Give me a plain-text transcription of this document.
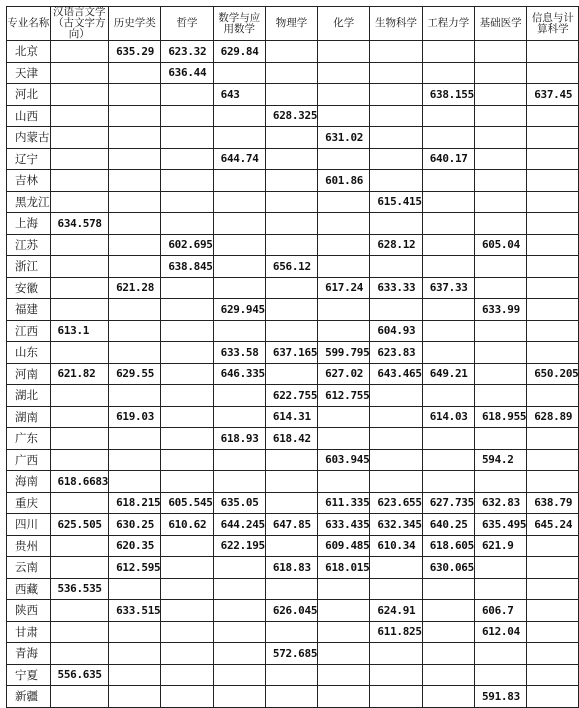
专业名称	汉语言文学（古文字方向）	历史学类	哲学	数学与应用数学	物理学	化学	生物科学	工程力学	基础医学	信息与计算科学
北京		635.29	623.32	629.84						
天津			636.44							
河北				643				638.155		637.45
山西					628.325					
内蒙古						631.02				
辽宁				644.74				640.17		
吉林						601.86				
黑龙江							615.415			
上海	634.578									
江苏			602.695				628.12		605.04	
浙江			638.845		656.12					
安徽		621.28				617.24	633.33	637.33		
福建				629.945					633.99	
江西	613.1						604.93			
山东				633.58	637.165	599.795	623.83			
河南	621.82	629.55		646.335		627.02	643.465	649.21		650.205
湖北					622.755	612.755				
湖南		619.03			614.31			614.03	618.955	628.89
广东				618.93	618.42					
广西						603.945			594.2	
海南	618.6683									
重庆		618.215	605.545	635.05		611.335	623.655	627.735	632.83	638.79
四川	625.505	630.25	610.62	644.245	647.85	633.435	632.345	640.25	635.495	645.24
贵州		620.35		622.195		609.485	610.34	618.605	621.9	
云南		612.595			618.83	618.015		630.065		
西藏	536.535									
陕西		633.515			626.045		624.91		606.7	
甘肃							611.825		612.04	
青海					572.685					
宁夏	556.635									
新疆									591.83	
